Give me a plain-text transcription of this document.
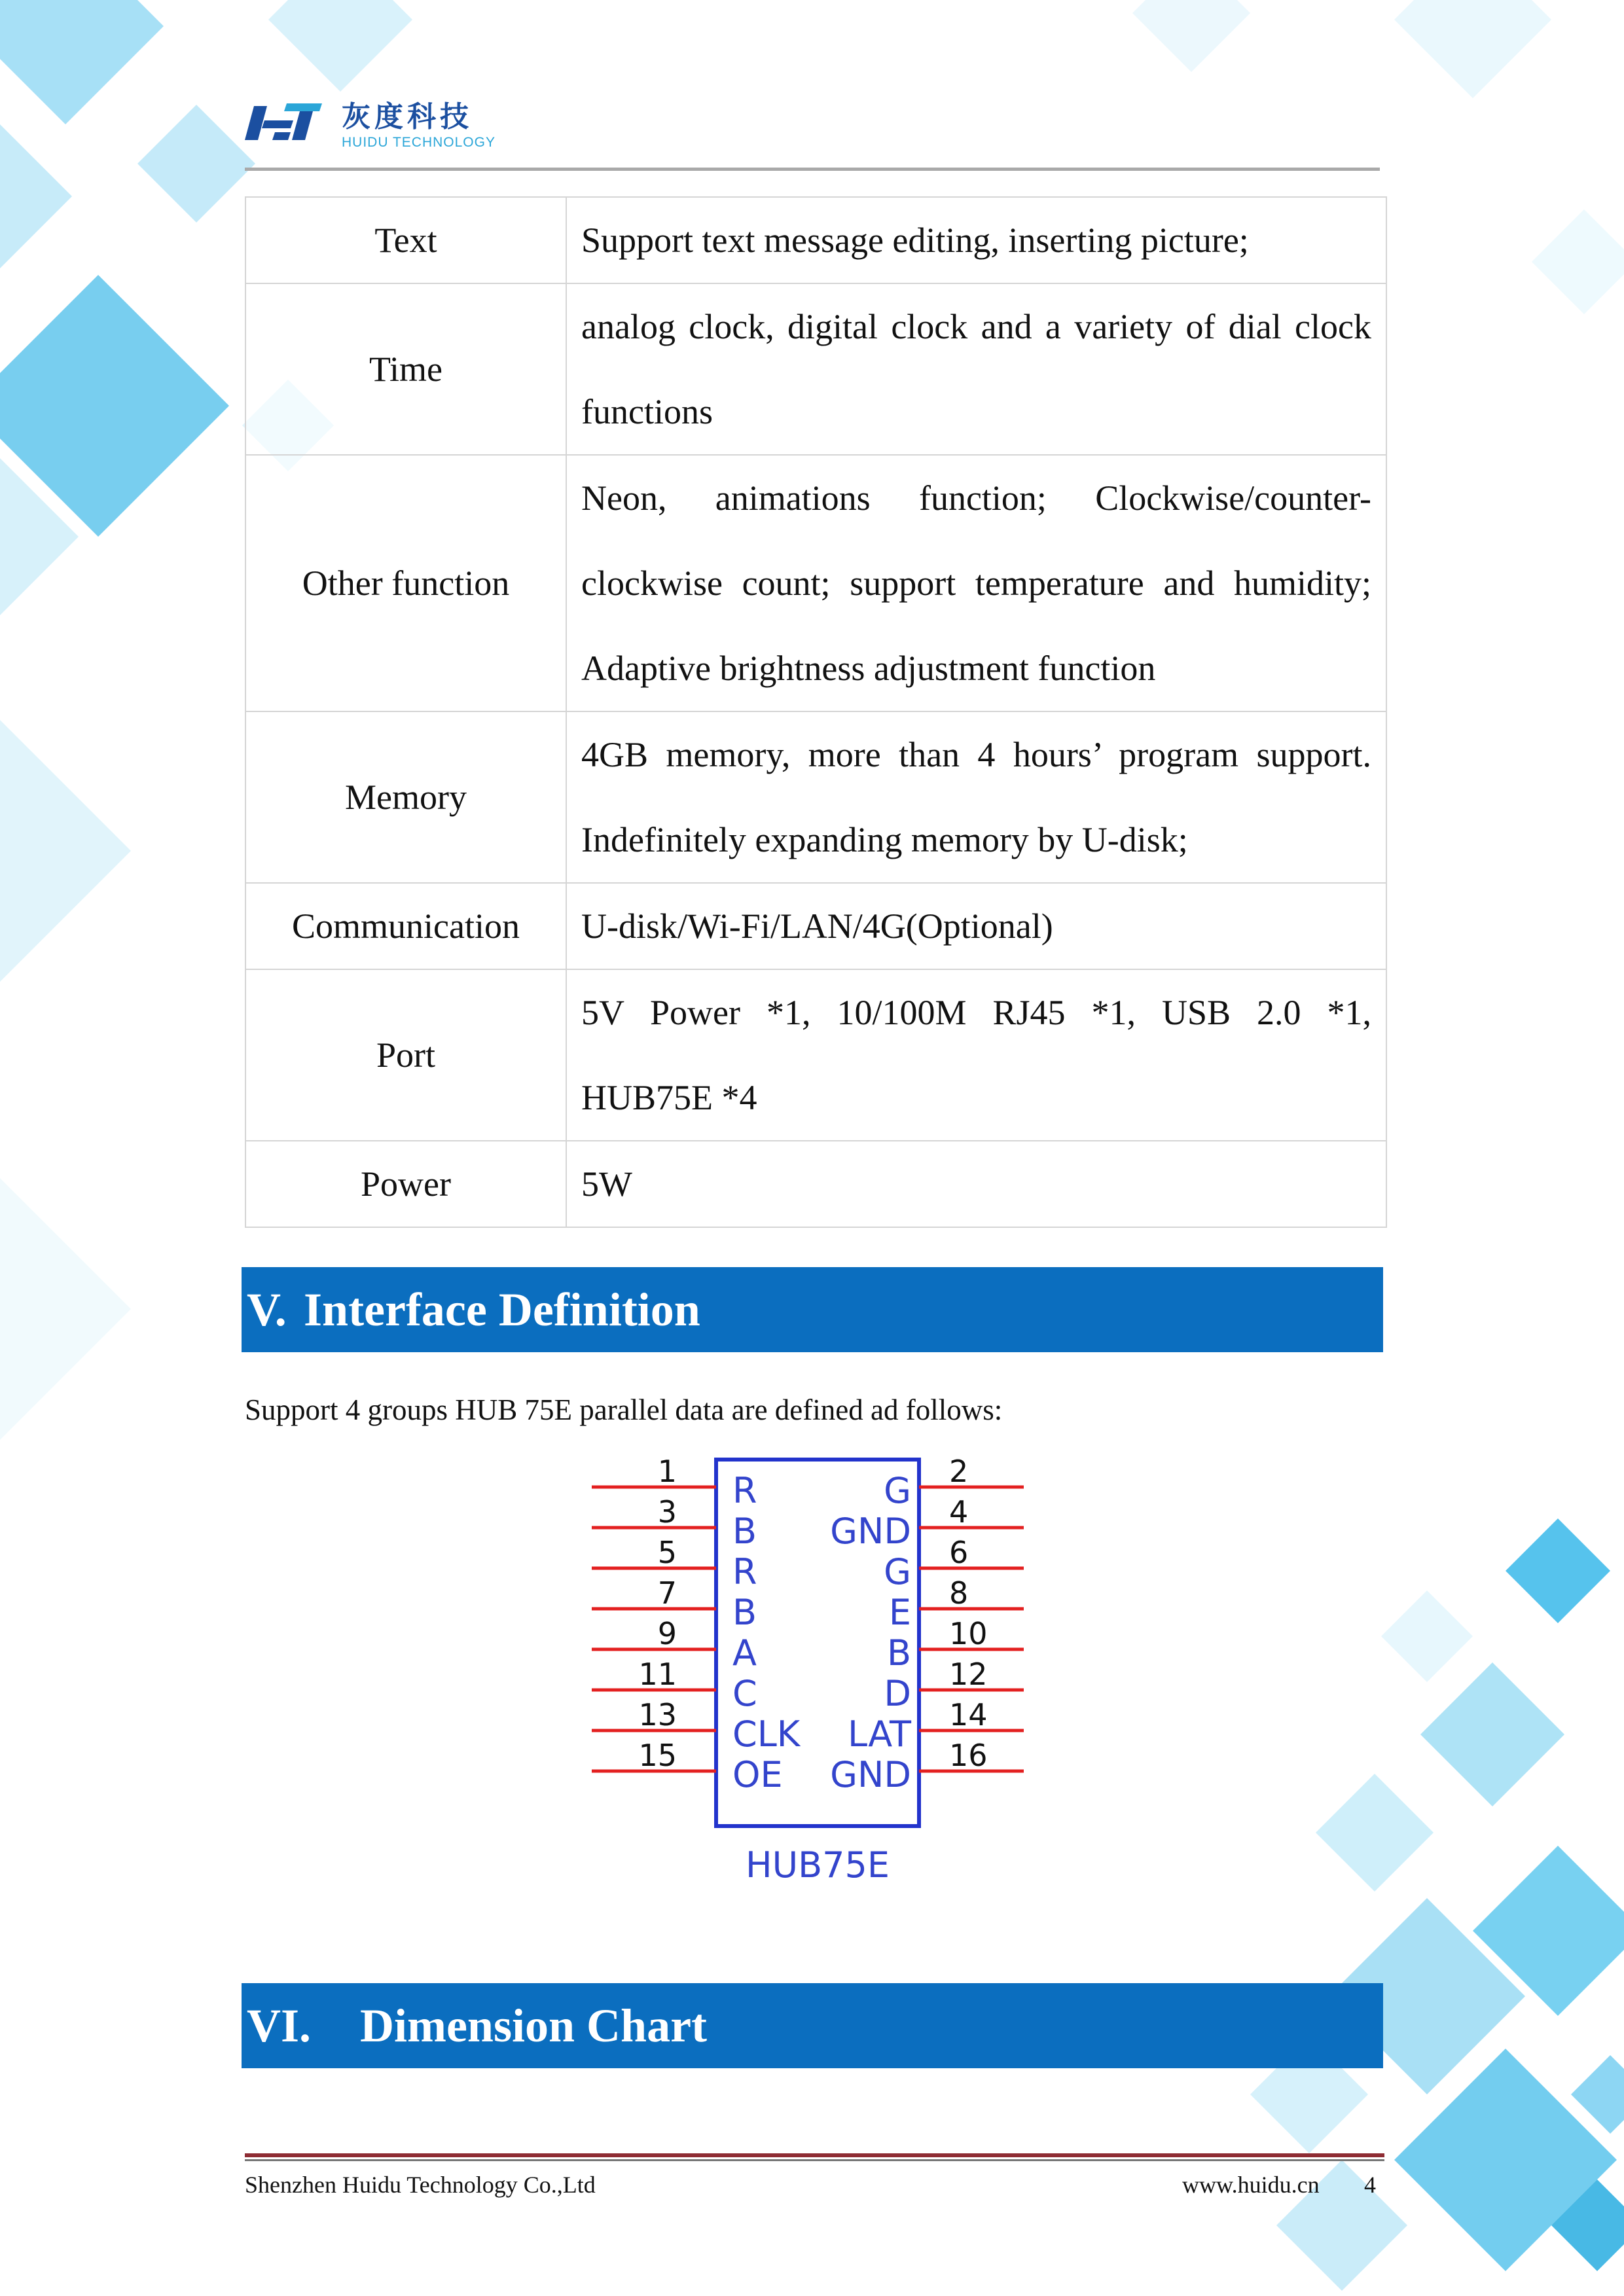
灰度科技
HUIDU TECHNOLOGY
Text	Support text message editing, inserting picture;

Time	analog clock, digital clock and a variety of dial clock
functions

Other function	Neon, animations function; Clockwise/counter-
clockwise count; support temperature and humidity;
Adaptive brightness adjustment function

Memory	4GB memory, more than 4 hours’ program support.
Indefinitely expanding memory by U-disk;

Communication	U-disk/Wi-Fi/LAN/4G(Optional)

Port	5V Power *1, 10/100M RJ45 *1, USB 2.0 *1,
HUB75E *4

Power	5W
V. Interface Definition
Support 4 groups HUB 75E parallel data are defined ad follows:
1 R
3 B
5 R
7 B
9 A
11 C
13 CLK
15 OE
2
G
4
GND
6
G
8
E
10
B
12
D
14
LAT
16
GND
HUB75E
VI. Dimension Chart
Shenzhen Huidu Technology Co.,Ltd	www.huidu.cn 4
